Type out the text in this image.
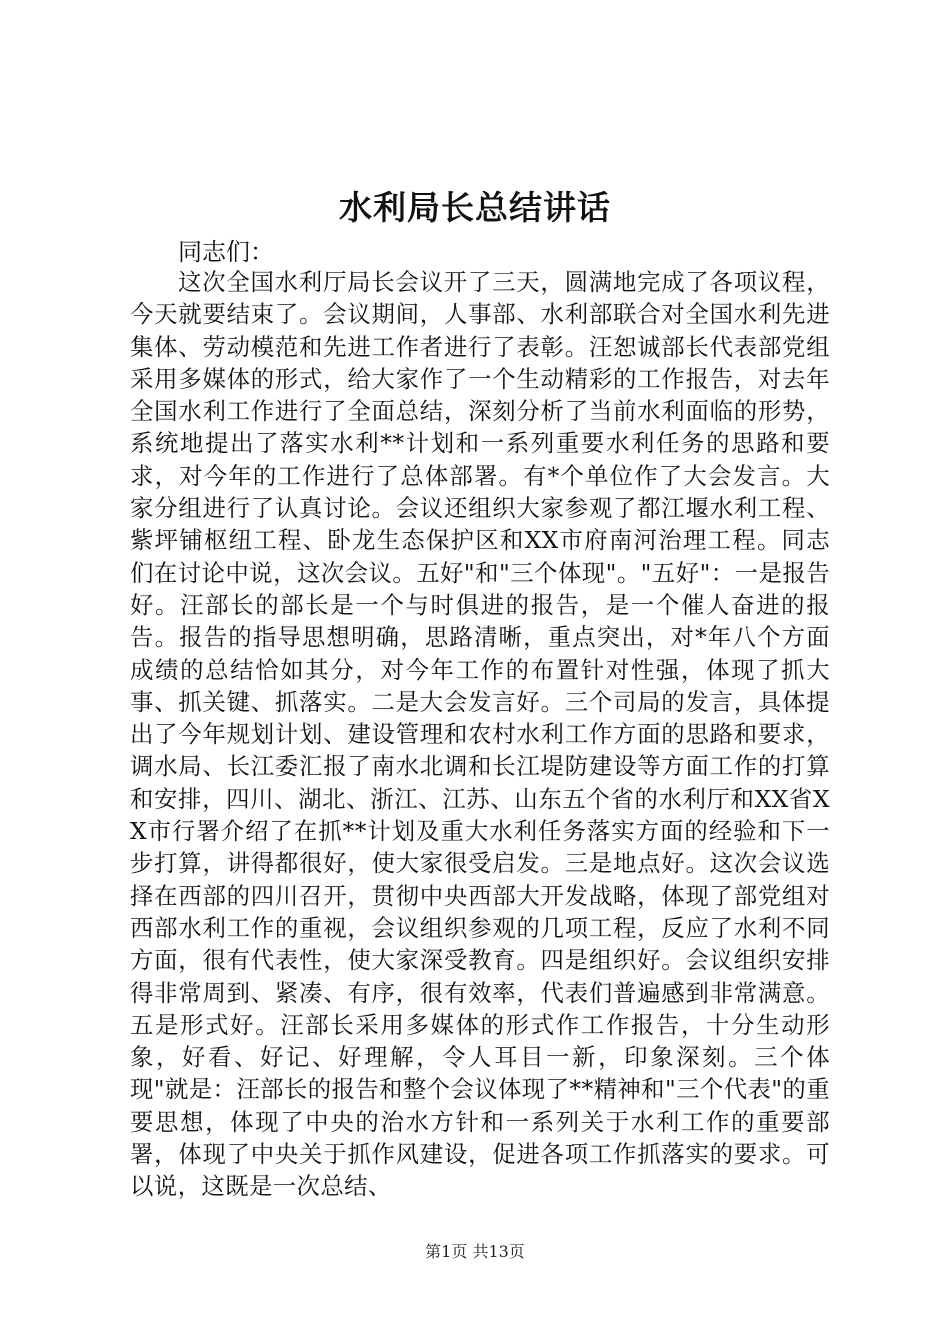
水利局长总结讲话
同志们：
这次全国水利厅局长会议开了三天，圆满地完成了各项议程，今天就要结束了。会议期间，人事部、水利部联合对全国水利先进集体、劳动模范和先进工作者进行了表彰。汪恕诚部长代表部党组采用多媒体的形式，给大家作了一个生动精彩的工作报告，对去年全国水利工作进行了全面总结，深刻分析了当前水利面临的形势，系统地提出了落实水利**计划和一系列重要水利任务的思路和要求，对今年的工作进行了总体部署。有*个单位作了大会发言。大家分组进行了认真讨论。会议还组织大家参观了都江堰水利工程、紫坪铺枢纽工程、卧龙生态保护区和XX市府南河治理工程。同志们在讨论中说，这次会议。五好"和"三个体现"。"五好"：一是报告好。汪部长的部长是一个与时俱进的报告，是一个催人奋进的报告。报告的指导思想明确，思路清晰，重点突出，对*年八个方面成绩的总结恰如其分，对今年工作的布置针对性强，体现了抓大事、抓关键、抓落实。二是大会发言好。三个司局的发言，具体提出了今年规划计划、建设管理和农村水利工作方面的思路和要求，调水局、长江委汇报了南水北调和长江堤防建设等方面工作的打算和安排，四川、湖北、浙江、江苏、山东五个省的水利厅和XX省XX市行署介绍了在抓**计划及重大水利任务落实方面的经验和下一步打算，讲得都很好，使大家很受启发。三是地点好。这次会议选择在西部的四川召开，贯彻中央西部大开发战略，体现了部党组对西部水利工作的重视，会议组织参观的几项工程，反应了水利不同方面，很有代表性，使大家深受教育。四是组织好。会议组织安排得非常周到、紧凑、有序，很有效率，代表们普遍感到非常满意。五是形式好。汪部长采用多媒体的形式作工作报告，十分生动形象，好看、好记、好理解，令人耳目一新，印象深刻。三个体现"就是：汪部长的报告和整个会议体现了**精神和"三个代表"的重要思想，体现了中央的治水方针和一系列关于水利工作的重要部署，体现了中央关于抓作风建设，促进各项工作抓落实的要求。可以说，这既是一次总结、
第1页 共13页
